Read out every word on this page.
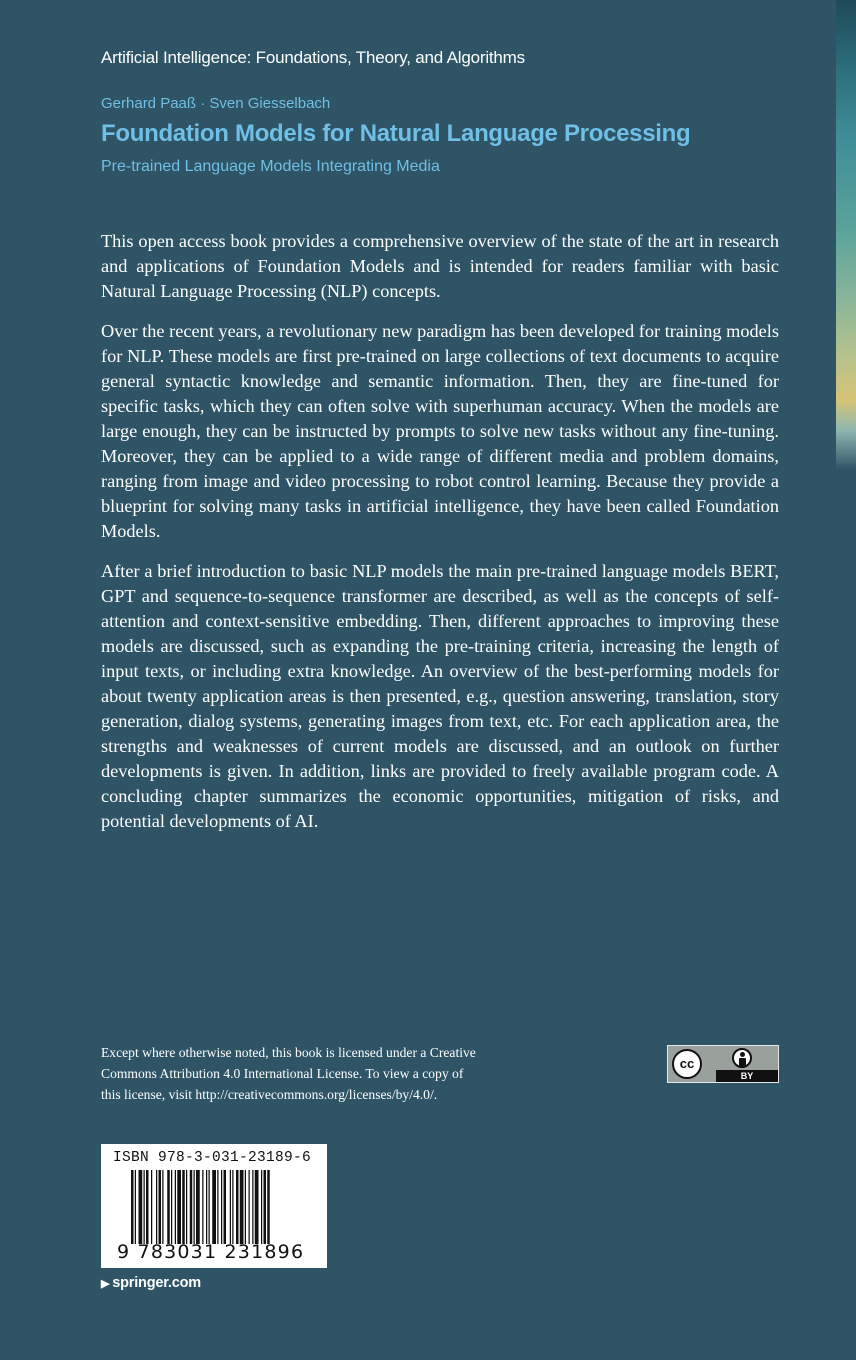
Artificial Intelligence: Foundations, Theory, and Algorithms
Gerhard Paaß · Sven Giesselbach
Foundation Models for Natural Language Processing
Pre-trained Language Models Integrating Media

This open access book provides a comprehensive overview of the state of the art in research and applications of Foundation Models and is intended for readers familiar with basic Natural Language Processing (NLP) concepts.

Over the recent years, a revolutionary new paradigm has been developed for training models for NLP. These models are first pre-trained on large collections of text documents to acquire general syntactic knowledge and semantic information. Then, they are fine-tuned for specific tasks, which they can often solve with superhuman accuracy. When the models are large enough, they can be instructed by prompts to solve new tasks without any fine-tuning. Moreover, they can be applied to a wide range of different media and problem domains, ranging from image and video processing to robot control learning. Because they provide a blueprint for solving many tasks in artificial intelligence, they have been called Foundation Models.

After a brief introduction to basic NLP models the main pre-trained language models BERT, GPT and sequence-to-sequence transformer are described, as well as the concepts of self-attention and context-sensitive embedding. Then, different approaches to improving these models are discussed, such as expanding the pre-training criteria, increasing the length of input texts, or including extra knowledge. An overview of the best-performing models for about twenty application areas is then presented, e.g., question answering, translation, story generation, dialog systems, generating images from text, etc. For each application area, the strengths and weaknesses of current models are discussed, and an outlook on further developments is given. In addition, links are provided to freely available program code. A concluding chapter summarizes the economic opportunities, mitigation of risks, and potential developments of AI.

Except where otherwise noted, this book is licensed under a Creative
Commons Attribution 4.0 International License. To view a copy of
this license, visit http://creativecommons.org/licenses/by/4.0/.
cc
BY
ISBN 978-3-031-23189-6
9 783031 231896
▶ springer.com
